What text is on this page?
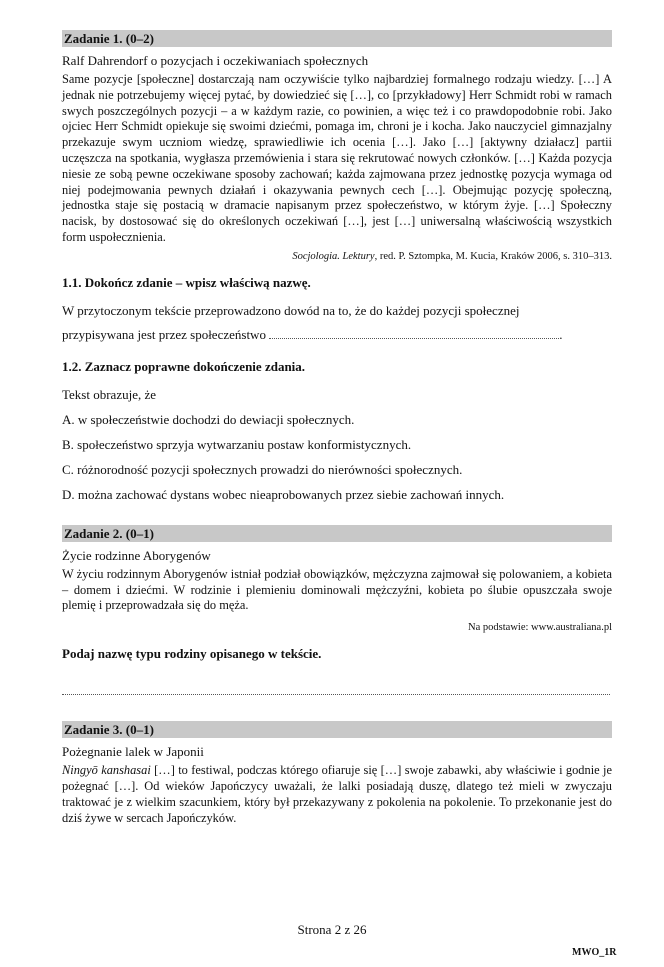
Zadanie 1. (0–2)
Ralf Dahrendorf o pozycjach i oczekiwaniach społecznych
Same pozycje [społeczne] dostarczają nam oczywiście tylko najbardziej formalnego rodzaju wiedzy. […] A jednak nie potrzebujemy więcej pytać, by dowiedzieć się […], co [przykładowy] Herr Schmidt robi w ramach swych poszczególnych pozycji – a w każdym razie, co powinien, a więc też i co prawdopodobnie robi. Jako ojciec Herr Schmidt opiekuje się swoimi dziećmi, pomaga im, chroni je i kocha. Jako nauczyciel gimnazjalny przekazuje swym uczniom wiedzę, sprawiedliwie ich ocenia […]. Jako […] [aktywny działacz] partii uczęszcza na spotkania, wygłasza przemówienia i stara się rekrutować nowych członków. […] Każda pozycja niesie ze sobą pewne oczekiwane sposoby zachowań; każda zajmowana przez jednostkę pozycja wymaga od niej podejmowania pewnych działań i okazywania pewnych cech […]. Obejmując pozycję społeczną, jednostka staje się postacią w dramacie napisanym przez społeczeństwo, w którym żyje. […] Społeczny nacisk, by dostosować się do określonych oczekiwań […], jest […] uniwersalną właściwością wszystkich form uspołecznienia.
Socjologia. Lektury, red. P. Sztompka, M. Kucia, Kraków 2006, s. 310–313.
1.1. Dokończ zdanie – wpisz właściwą nazwę.
W przytoczonym tekście przeprowadzono dowód na to, że do każdej pozycji społecznej
przypisywana jest przez społeczeństwo	.
1.2. Zaznacz poprawne dokończenie zdania.
Tekst obrazuje, że
A. w społeczeństwie dochodzi do dewiacji społecznych.
B. społeczeństwo sprzyja wytwarzaniu postaw konformistycznych.
C. różnorodność pozycji społecznych prowadzi do nierówności społecznych.
D. można zachować dystans wobec nieaprobowanych przez siebie zachowań innych.
Zadanie 2. (0–1)
Życie rodzinne Aborygenów
W życiu rodzinnym Aborygenów istniał podział obowiązków, mężczyzna zajmował się polowaniem, a kobieta – domem i dziećmi. W rodzinie i plemieniu dominowali mężczyźni, kobieta po ślubie opuszczała swoje plemię i przeprowadzała się do męża.
Na podstawie: www.australiana.pl
Podaj nazwę typu rodziny opisanego w tekście.
Zadanie 3. (0–1)
Pożegnanie lalek w Japonii
Ningyō kanshasai […] to festiwal, podczas którego ofiaruje się […] swoje zabawki, aby właściwie i godnie je pożegnać […]. Od wieków Japończycy uważali, że lalki posiadają duszę, dlatego też mieli w zwyczaju traktować je z wielkim szacunkiem, który był przekazywany z pokolenia na pokolenie. To przekonanie jest do dziś żywe w sercach Japończyków.
Strona 2 z 26
MWO_1R
